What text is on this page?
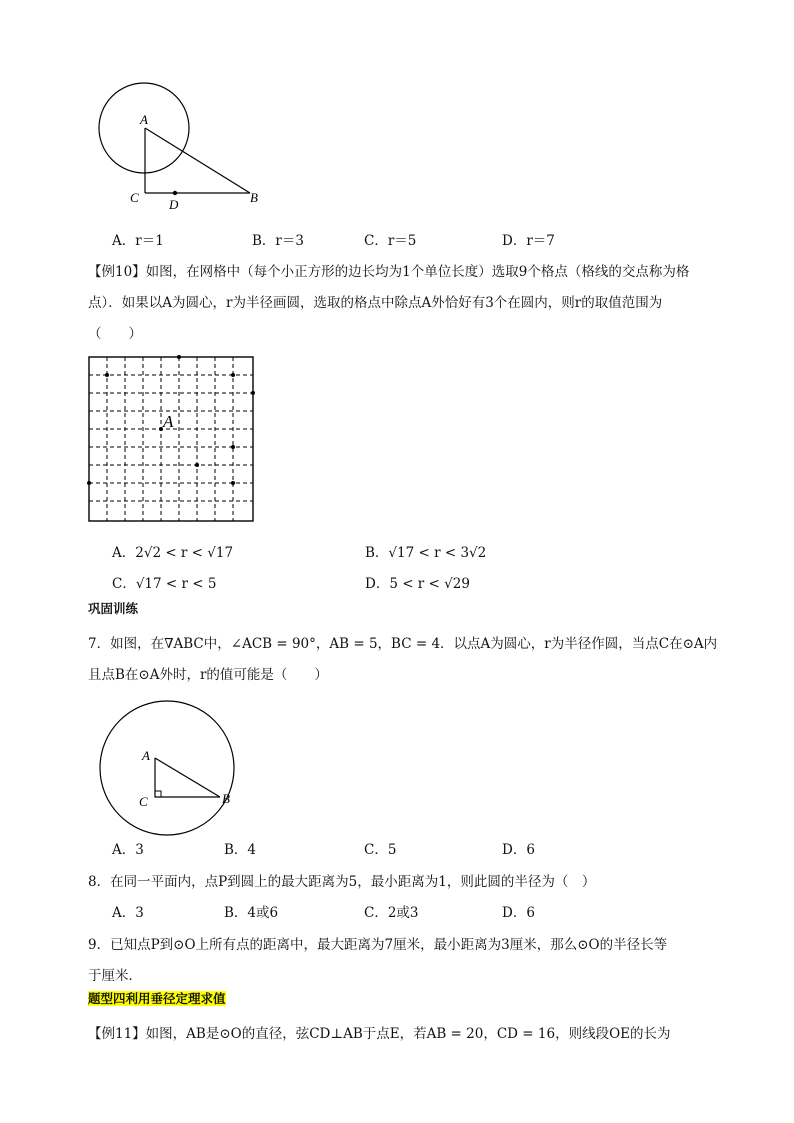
A
C D	B
A．r＝1	B．r＝3	C．r＝5	D．r＝7
【例10】如图，在网格中（每个小正方形的边长均为1个单位长度）选取9个格点（格线的交点称为格
点）．如果以A为圆心，r为半径画圆，选取的格点中除点A外恰好有3个在圆内，则r的取值范围为
（　　）
A
A．2√2 < r < √17	B．√17 < r < 3√2
C．√17 < r < 5	D．5 < r < √29
巩固训练
7．如图，在∇ABC中，∠ACB = 90°，AB = 5，BC = 4．以点A为圆心，r为半径作圆，当点C在⊙A内
且点B在⊙A外时，r的值可能是（　　）
A
C	B
A．3	B．4	C．5	D．6
8．在同一平面内，点P到圆上的最大距离为5，最小距离为1，则此圆的半径为（　）
A．3	B．4或6	C．2或3	D．6
9．已知点P到⊙O上所有点的距离中，最大距离为7厘米，最小距离为3厘米，那么⊙O的半径长等
于厘米．
题型四利用垂径定理求值
【例11】如图，AB是⊙O的直径，弦CD⊥AB于点E，若AB = 20，CD = 16，则线段OE的长为
